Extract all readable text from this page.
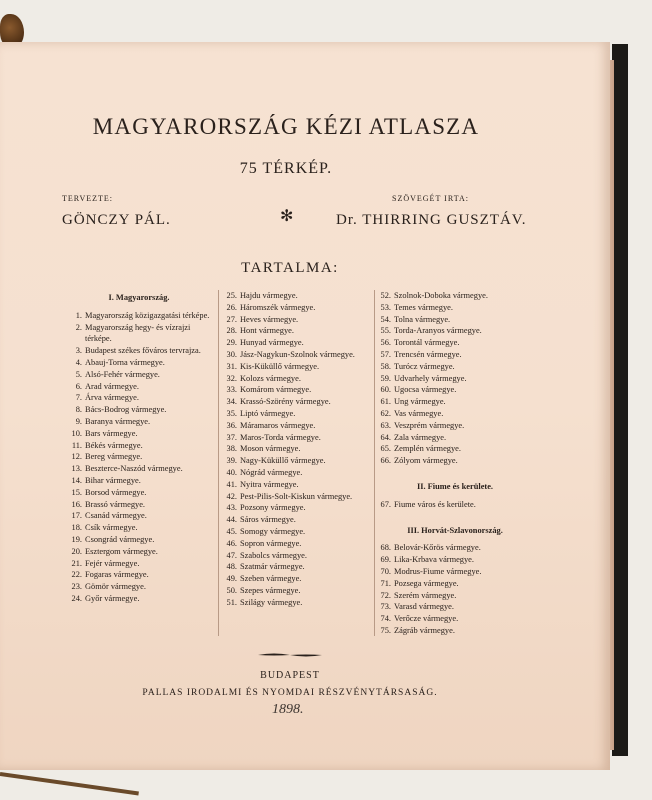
MAGYARORSZÁG KÉZI ATLASZA
75 TÉRKÉP.
TERVEZTE:
GÖNCZY PÁL.	✻
SZÖVEGÉT IRTA:
Dr. THIRRING GUSZTÁV.
TARTALMA:
I. Magyarország.
1. Magyarország közigazgatási térképe.
2. Magyarország hegy- és vízrajzi térképe.
3. Budapest székes főváros tervrajza.
4. Abauj-Torna vármegye.
5. Alsó-Fehér vármegye.
6. Arad vármegye.
7. Árva vármegye.
8. Bács-Bodrog vármegye.
9. Baranya vármegye.
10. Bars vármegye.
11. Békés vármegye.
12. Bereg vármegye.
13. Beszterce-Naszód vármegye.
14. Bihar vármegye.
15. Borsod vármegye.
16. Brassó vármegye.
17. Csanád vármegye.
18. Csík vármegye.
19. Csongrád vármegye.
20. Esztergom vármegye.
21. Fejér vármegye.
22. Fogaras vármegye.
23. Gömör vármegye.
24. Győr vármegye.
25. Hajdu vármegye.
26. Háromszék vármegye.
27. Heves vármegye.
28. Hont vármegye.
29. Hunyad vármegye.
30. Jász-Nagykun-Szolnok vármegye.
31. Kis-Küküllő vármegye.
32. Kolozs vármegye.
33. Komárom vármegye.
34. Krassó-Szörény vármegye.
35. Liptó vármegye.
36. Máramaros vármegye.
37. Maros-Torda vármegye.
38. Moson vármegye.
39. Nagy-Küküllő vármegye.
40. Nógrád vármegye.
41. Nyitra vármegye.
42. Pest-Pilis-Solt-Kiskun vármegye.
43. Pozsony vármegye.
44. Sáros vármegye.
45. Somogy vármegye.
46. Sopron vármegye.
47. Szabolcs vármegye.
48. Szatmár vármegye.
49. Szeben vármegye.
50. Szepes vármegye.
51. Szilágy vármegye.
52. Szolnok-Doboka vármegye.
53. Temes vármegye.
54. Tolna vármegye.
55. Torda-Aranyos vármegye.
56. Torontál vármegye.
57. Trencsén vármegye.
58. Turócz vármegye.
59. Udvarhely vármegye.
60. Ugocsa vármegye.
61. Ung vármegye.
62. Vas vármegye.
63. Veszprém vármegye.
64. Zala vármegye.
65. Zemplén vármegye.
66. Zólyom vármegye.
II. Fiume és kerülete.
67. Fiume város és kerülete.
III. Horvát-Szlavonország.
68. Belovár-Kőrös vármegye.
69. Lika-Krbava vármegye.
70. Modrus-Fiume vármegye.
71. Pozsega vármegye.
72. Szerém vármegye.
73. Varasd vármegye.
74. Verőcze vármegye.
75. Zágráb vármegye.
BUDAPEST
PALLAS IRODALMI ÉS NYOMDAI RÉSZVÉNYTÁRSASÁG.
1898.
